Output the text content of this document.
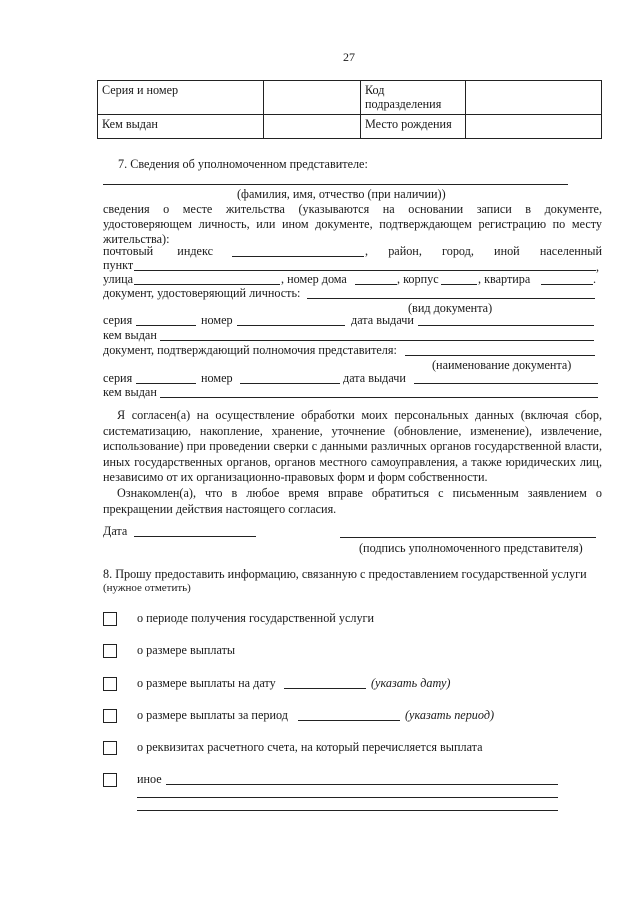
27
Серия и номер		Код
подразделения	
Кем выдан		Место рождения	
7. Сведения об уполномоченном представителе:
(фамилия, имя, отчество (при наличии))
сведения о месте жительства (указываются на основании записи в документе,
удостоверяющем личность, или ином документе, подтверждающем регистрацию по месту
жительства):
почтовый индекс	, район, город, иной населенный
пункт	,
улица	, номер дома	, корпус	, квартира	.
документ, удостоверяющий личность:
(вид документа)
серия	номер	дата выдачи
кем выдан
документ, подтверждающий полномочия представителя:
(наименование документа)
серия	номер	дата выдачи
кем выдан
Я согласен(а) на осуществление обработки моих персональных данных (включая сбор, систематизацию, накопление, хранение, уточнение (обновление, изменение), извлечение, использование) при проведении сверки с данными различных органов государственной власти, иных государственных органов, органов местного самоуправления, а также юридических лиц, независимо от их организационно-правовых форм и форм собственности.
Ознакомлен(а), что в любое время вправе обратиться с письменным заявлением о прекращении действия настоящего согласия.
Дата
(подпись уполномоченного представителя)
8. Прошу предоставить информацию, связанную с предоставлением государственной услуги
(нужное отметить)
о периоде получения государственной услуги
о размере выплаты
о размере выплаты на дату	(указать дату)
о размере выплаты за период	(указать период)
о реквизитах расчетного счета, на который перечисляется выплата
иное
